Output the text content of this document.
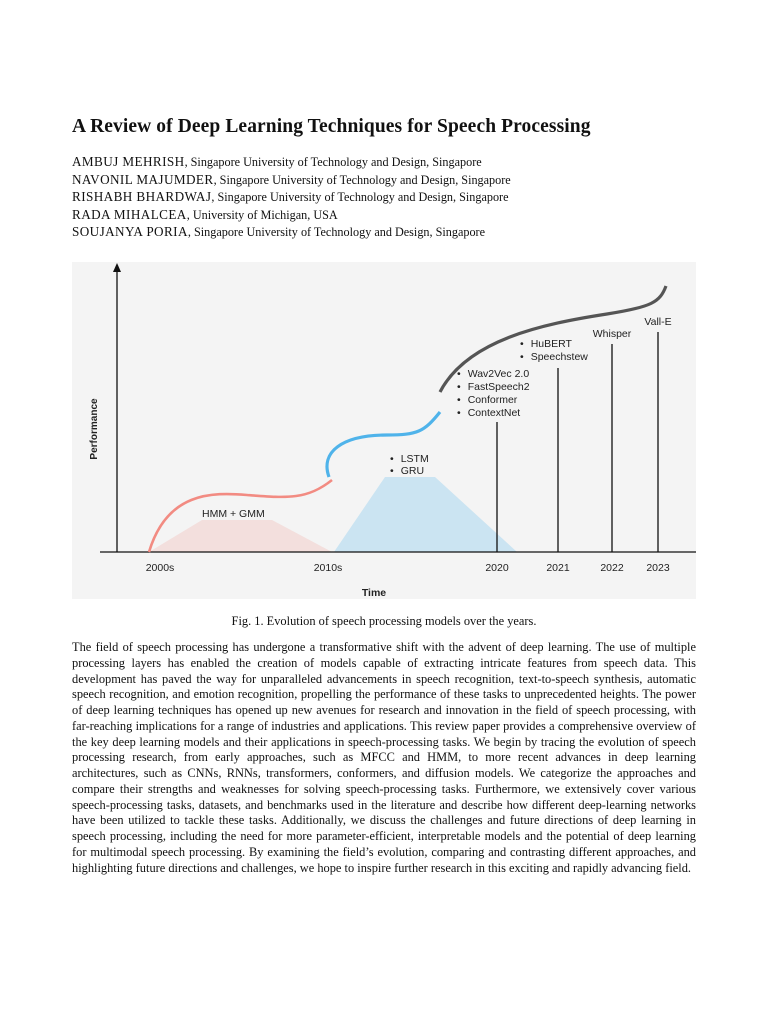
A Review of Deep Learning Techniques for Speech Processing
AMBUJ MEHRISH, Singapore University of Technology and Design, Singapore
NAVONIL MAJUMDER, Singapore University of Technology and Design, Singapore
RISHABH BHARDWAJ, Singapore University of Technology and Design, Singapore
RADA MIHALCEA, University of Michigan, USA
SOUJANYA PORIA, Singapore University of Technology and Design, Singapore
HMM + GMM
• LSTM
• GRU
• Wav2Vec 2.0
• FastSpeech2
• Conformer
• ContextNet
• HuBERT
• Speechstew
Whisper
Vall-E
2000s	2010s	2020	2021	2022 2023
Time
Performance
Fig. 1. Evolution of speech processing models over the years.
The field of speech processing has undergone a transformative shift with the advent of deep learning. The use of multiple processing layers has enabled the creation of models capable of extracting intricate features from speech data. This development has paved the way for unparalleled advancements in speech recognition, text-to-speech synthesis, automatic speech recognition, and emotion recognition, propelling the performance of these tasks to unprecedented heights. The power of deep learning techniques has opened up new avenues for research and innovation in the field of speech processing, with far-reaching implications for a range of industries and applications. This review paper provides a comprehensive overview of the key deep learning models and their applications in speech-processing tasks. We begin by tracing the evolution of speech processing research, from early approaches, such as MFCC and HMM, to more recent advances in deep learning architectures, such as CNNs, RNNs, transformers, conformers, and diffusion models. We categorize the approaches and compare their strengths and weaknesses for solving speech-processing tasks. Furthermore, we extensively cover various speech-processing tasks, datasets, and benchmarks used in the literature and describe how different deep-learning networks have been utilized to tackle these tasks. Additionally, we discuss the challenges and future directions of deep learning in speech processing, including the need for more parameter-efficient, interpretable models and the potential of deep learning for multimodal speech processing. By examining the field’s evolution, comparing and contrasting different approaches, and highlighting future directions and challenges, we hope to inspire further research in this exciting and rapidly advancing field.
